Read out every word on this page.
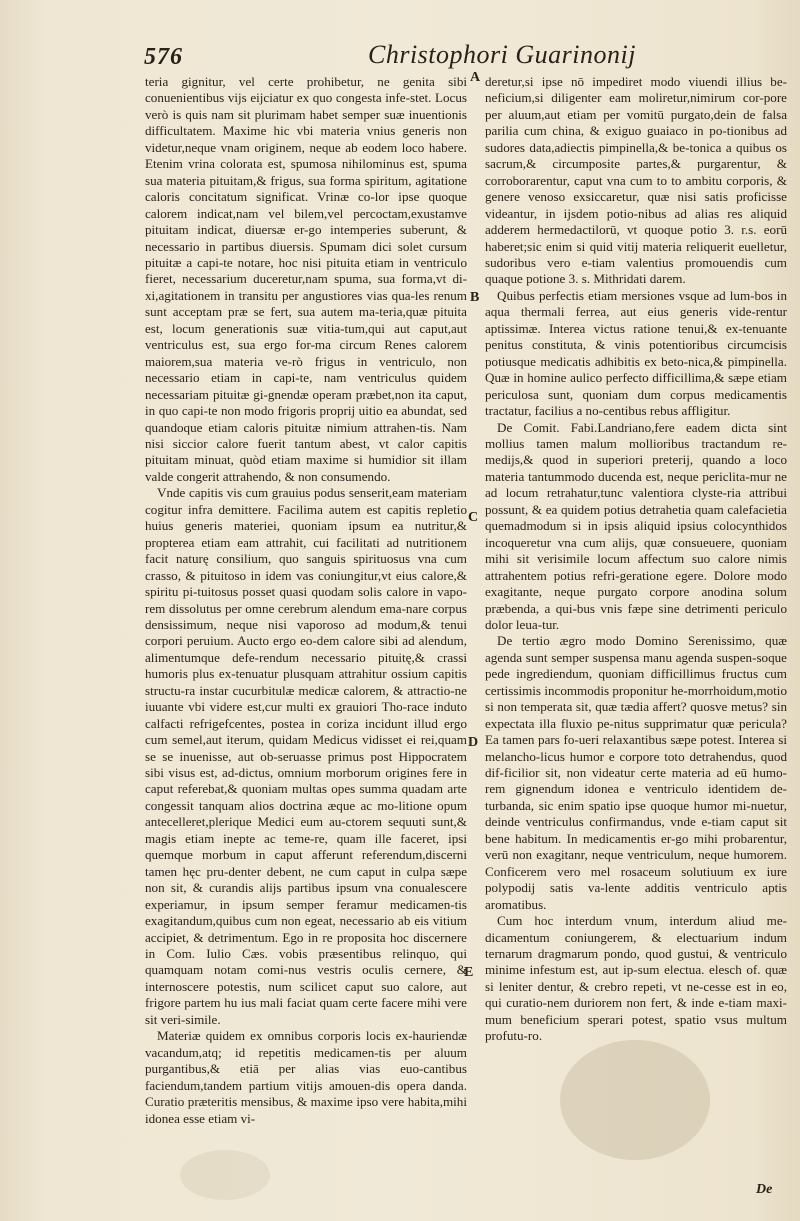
576	Christophori Guarinonij

teria gignitur, vel certe prohibetur, ne genita sibi conuenientibus vijs eijciatur ex quo congesta infe-stet. Locus verò is quis nam sit plurimam habet semper suæ inuentionis difficultatem. Maxime hic vbi materia vnius generis non videtur,neque vnam originem, neque ab eodem loco habere. Etenim vrina colorata est, spumosa nihilominus est, spuma sua materia pituitam,& frigus, sua forma spiritum, agitatione caloris concitatum significat. Vrinæ co-lor ipse quoque calorem indicat,nam vel bilem,vel percoctam,exustamve pituitam indicat, diuersæ er-go intemperies suberunt, & necessario in partibus diuersis. Spumam dici solet cursum pituitæ a capi-te notare, hoc nisi pituita etiam in ventriculo fieret, necessarium duceretur,nam spuma, sua forma,vt di-xi,agitationem in transitu per angustiores vias qua-les renum sunt acceptam præ se fert, sua autem ma-teria,quæ pituita est, locum generationis suæ vitia-tum,qui aut caput,aut ventriculus est, sua ergo for-ma circum Renes calorem maiorem,sua materia ve-rò frigus in ventriculo, non necessario etiam in capi-te, nam ventriculus quidem necessariam pituitæ gi-gnendæ operam præbet,non ita caput, in quo capi-te non modo frigoris proprij uitio ea abundat, sed quandoque etiam caloris pituitæ nimium attrahen-tis. Nam nisi siccior calore fuerit tantum abest, vt calor capitis pituitam minuat, quòd etiam maxime si humidior sit illam valde congerit attrahendo, & non consumendo.

Vnde capitis vis cum grauius podus senserit,eam materiam cogitur infra demittere. Facilima autem est capitis repletio huius generis materiei, quoniam ipsum ea nutritur,& propterea etiam eam attrahit, cui facilitati ad nutritionem facit naturę consilium, quo sanguis spirituosus vna cum crasso, & pituitoso in idem vas coniungitur,vt eius calore,& spiritu pi-tuitosus posset quasi quodam solis calore in vapo-rem dissolutus per omne cerebrum alendum ema-nare corpus densissimum, neque nisi vaporoso ad modum,& tenui corpori peruium. Aucto ergo eo-dem calore sibi ad alendum, alimentumque defe-rendum necessario pituitę,& crassi humoris plus ex-tenuatur plusquam attrahitur ossium capitis structu-ra instar cucurbitulæ medicæ calorem, & attractio-ne iuuante vbi videre est,cur multi ex grauiori Tho-race induto calfacti refrigefcentes, postea in coriza incidunt illud ergo cum semel,aut iterum, quidam Medicus vidisset ei rei,quam se se inuenisse, aut ob-seruasse primus post Hippocratem sibi visus est, ad-dictus, omnium morborum origines fere in caput referebat,& quoniam multas opes summa quadam arte congessit tanquam alios doctrina æque ac mo-litione opum antecelleret,plerique Medici eum au-ctorem sequuti sunt,& magis etiam inepte ac teme-re, quam ille faceret, ipsi quemque morbum in caput afferunt referendum,discerni tamen hęc pru-denter debent, ne cum caput in culpa sæpe non sit, & curandis alijs partibus ipsum vna conualescere experiamur, in ipsum semper feramur medicamen-tis exagitandum,quibus cum non egeat, necessario ab eis vitium accipiet, & detrimentum. Ego in re proposita hoc discernere in Com. Iulio Cæs. vobis præsentibus relinquo, qui quamquam notam comi-nus vestris oculis cernere, & internoscere potestis, num scilicet caput suo calore, aut frigore partem hu ius mali faciat quam certe facere mihi vere sit veri-simile.

Materiæ quidem ex omnibus corporis locis ex-hauriendæ vacandum,atq; id repetitis medicamen-tis per aluum purgantibus,& etiā per alias vias euo-cantibus faciendum,tandem partium vitijs amouen-dis opera danda. Curatio præteritis mensibus, & maxime ipso vere habita,mihi idonea esse etiam vi-

A
B
C
D
E

deretur,si ipse nō impediret modo viuendi illius be-neficium,si diligenter eam moliretur,nimirum cor-pore per aluum,aut etiam per vomitū purgato,dein de falsa parilia cum china, & exiguo guaiaco in po-tionibus ad sudores data,adiectis pimpinella,& be-tonica a quibus os sacrum,& circumposite partes,& purgarentur, & corroborarentur, caput vna cum to to ambitu corporis, & genere venoso exsiccaretur, quæ nisi satis proficisse videantur, in ijsdem potio-nibus ad alias res aliquid adderem hermedactilorū, vt quoque potio 3. r.s. eorū haberet;sic enim si quid vitij materia reliquerit euelletur, sudoribus vero e-tiam valentius promouendis cum quaque potione 3. s. Mithridati darem.

Quibus perfectis etiam mersiones vsque ad lum-bos in aqua thermali ferrea, aut eius generis vide-rentur aptissimæ. Interea victus ratione tenui,& ex-tenuante penitus constituta, & vinis potentioribus circumcisis potiusque medicatis adhibitis ex beto-nica,& pimpinella. Quæ in homine aulico perfecto difficillima,& sæpe etiam periculosa sunt, quoniam dum corpus medicamentis tractatur, facilius a no-centibus rebus affligitur.

De Comit. Fabi.Landriano,fere eadem dicta sint mollius tamen malum mollioribus tractandum re-medijs,& quod in superiori preterij, quando a loco materia tantummodo ducenda est, neque periclita-mur ne ad locum retrahatur,tunc valentiora clyste-ria attribui possunt, & ea quidem potius detrahetia quam calefacietia quemadmodum si in ipsis aliquid ipsius colocynthidos incoqueretur vna cum alijs, quæ consueuere, quoniam mihi sit verisimile locum affectum suo calore nimis attrahentem potius refri-geratione egere. Dolore modo exagitante, neque purgato corpore anodina solum præbenda, a qui-bus vnis fæpe sine detrimenti periculo dolor leua-tur.

De tertio ægro modo Domino Serenissimo, quæ agenda sunt semper suspensa manu agenda suspen-soque pede ingrediendum, quoniam difficillimus fructus cum certissimis incommodis proponitur he-morrhoidum,motio si non temperata sit, quæ tædia affert? quosve metus? sin expectata illa fluxio pe-nitus supprimatur quæ pericula? Ea tamen pars fo-ueri relaxantibus sæpe potest. Interea si melancho-licus humor e corpore toto detrahendus, quod dif-ficilior sit, non videatur certe materia ad eū humo-rem gignendum idonea e ventriculo identidem de-turbanda, sic enim spatio ipse quoque humor mi-nuetur, deinde ventriculus confirmandus, vnde e-tiam caput sit bene habitum. In medicamentis er-go mihi probarentur, verū non exagitanr, neque ventriculum, neque humorem. Conficerem vero mel rosaceum solutiuum ex iure polypodij satis va-lente additis ventriculo aptis aromatibus.

Cum hoc interdum vnum, interdum aliud me-dicamentum coniungerem, & electuarium indum ternarum dragmarum pondo, quod gustui, & ventriculo minime infestum est, aut ip-sum electua. elesch of. quæ si leniter dentur, & crebro repeti, vt ne-cesse est in eo, qui curatio-nem duriorem non fert, & inde e-tiam maxi-mum beneficium sperari potest, spatio vsus multum profutu-ro.

De
